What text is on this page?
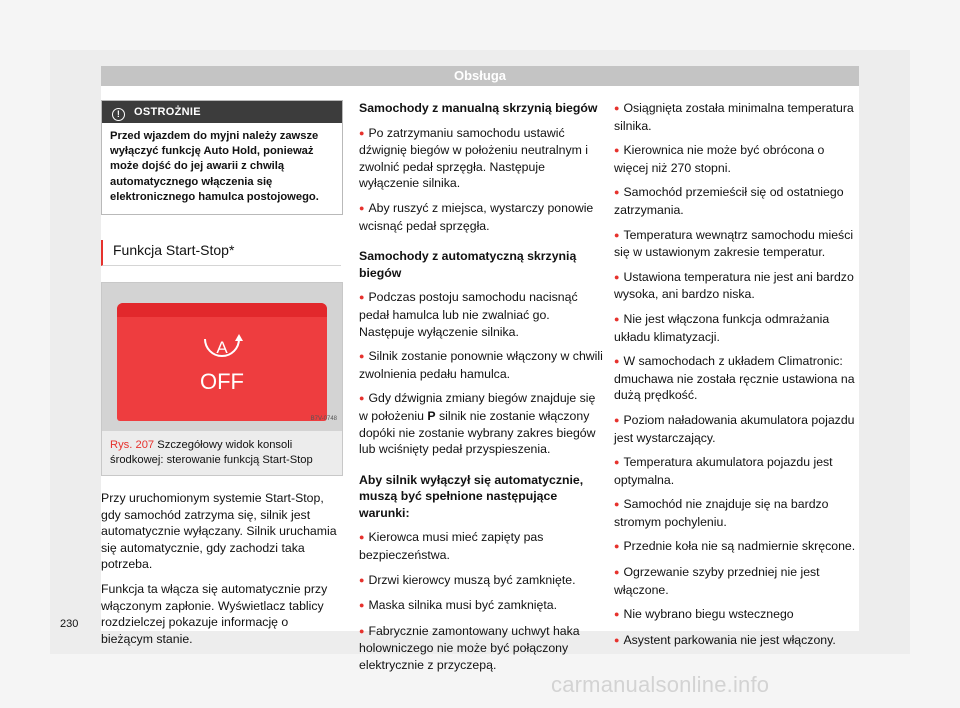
Obsługa
! OSTROŻNIE
Przed wjazdem do myjni należy zawsze wyłączyć funkcję Auto Hold, ponieważ może dojść do jej awarii z chwilą automatycznego włączenia się elektronicznego hamulca postojowego.
Funkcja Start-Stop*
A
OFF
B7V-0748
Rys. 207 Szczegółowy widok konsoli środkowej: sterowanie funkcją Start-Stop

Przy uruchomionym systemie Start-Stop, gdy samochód zatrzyma się, silnik jest automatycznie wyłączany. Silnik uruchamia się automatycznie, gdy zachodzi taka potrzeba.

Funkcja ta włącza się automatycznie przy włączonym zapłonie. Wyświetlacz tablicy rozdzielczej pokazuje informację o bieżącym stanie.

Samochody z manualną skrzynią biegów

● Po zatrzymaniu samochodu ustawić dźwignię biegów w położeniu neutralnym i zwolnić pedał sprzęgła. Następuje wyłączenie silnika.

● Aby ruszyć z miejsca, wystarczy ponowie wcisnąć pedał sprzęgła.

Samochody z automatyczną skrzynią biegów

● Podczas postoju samochodu nacisnąć pedał hamulca lub nie zwalniać go. Następuje wyłączenie silnika.

● Silnik zostanie ponownie włączony w chwili zwolnienia pedału hamulca.

● Gdy dźwignia zmiany biegów znajduje się w położeniu P silnik nie zostanie włączony dopóki nie zostanie wybrany zakres biegów lub wciśnięty pedał przyspieszenia.

Aby silnik wyłączył się automatycznie, muszą być spełnione następujące warunki:

● Kierowca musi mieć zapięty pas bezpieczeństwa.

● Drzwi kierowcy muszą być zamknięte.

● Maska silnika musi być zamknięta.

● Fabrycznie zamontowany uchwyt haka holowniczego nie może być połączony elektrycznie z przyczepą.

● Osiągnięta została minimalna temperatura silnika.

● Kierownica nie może być obrócona o więcej niż 270 stopni.

● Samochód przemieścił się od ostatniego zatrzymania.

● Temperatura wewnątrz samochodu mieści się w ustawionym zakresie temperatur.

● Ustawiona temperatura nie jest ani bardzo wysoka, ani bardzo niska.

● Nie jest włączona funkcja odmrażania układu klimatyzacji.

● W samochodach z układem Climatronic: dmuchawa nie została ręcznie ustawiona na dużą prędkość.

● Poziom naładowania akumulatora pojazdu jest wystarczający.

● Temperatura akumulatora pojazdu jest optymalna.

● Samochód nie znajduje się na bardzo stromym pochyleniu.

● Przednie koła nie są nadmiernie skręcone.

● Ogrzewanie szyby przedniej nie jest włączone.

● Nie wybrano biegu wstecznego

● Asystent parkowania nie jest włączony.

230
carmanualsonline.info
